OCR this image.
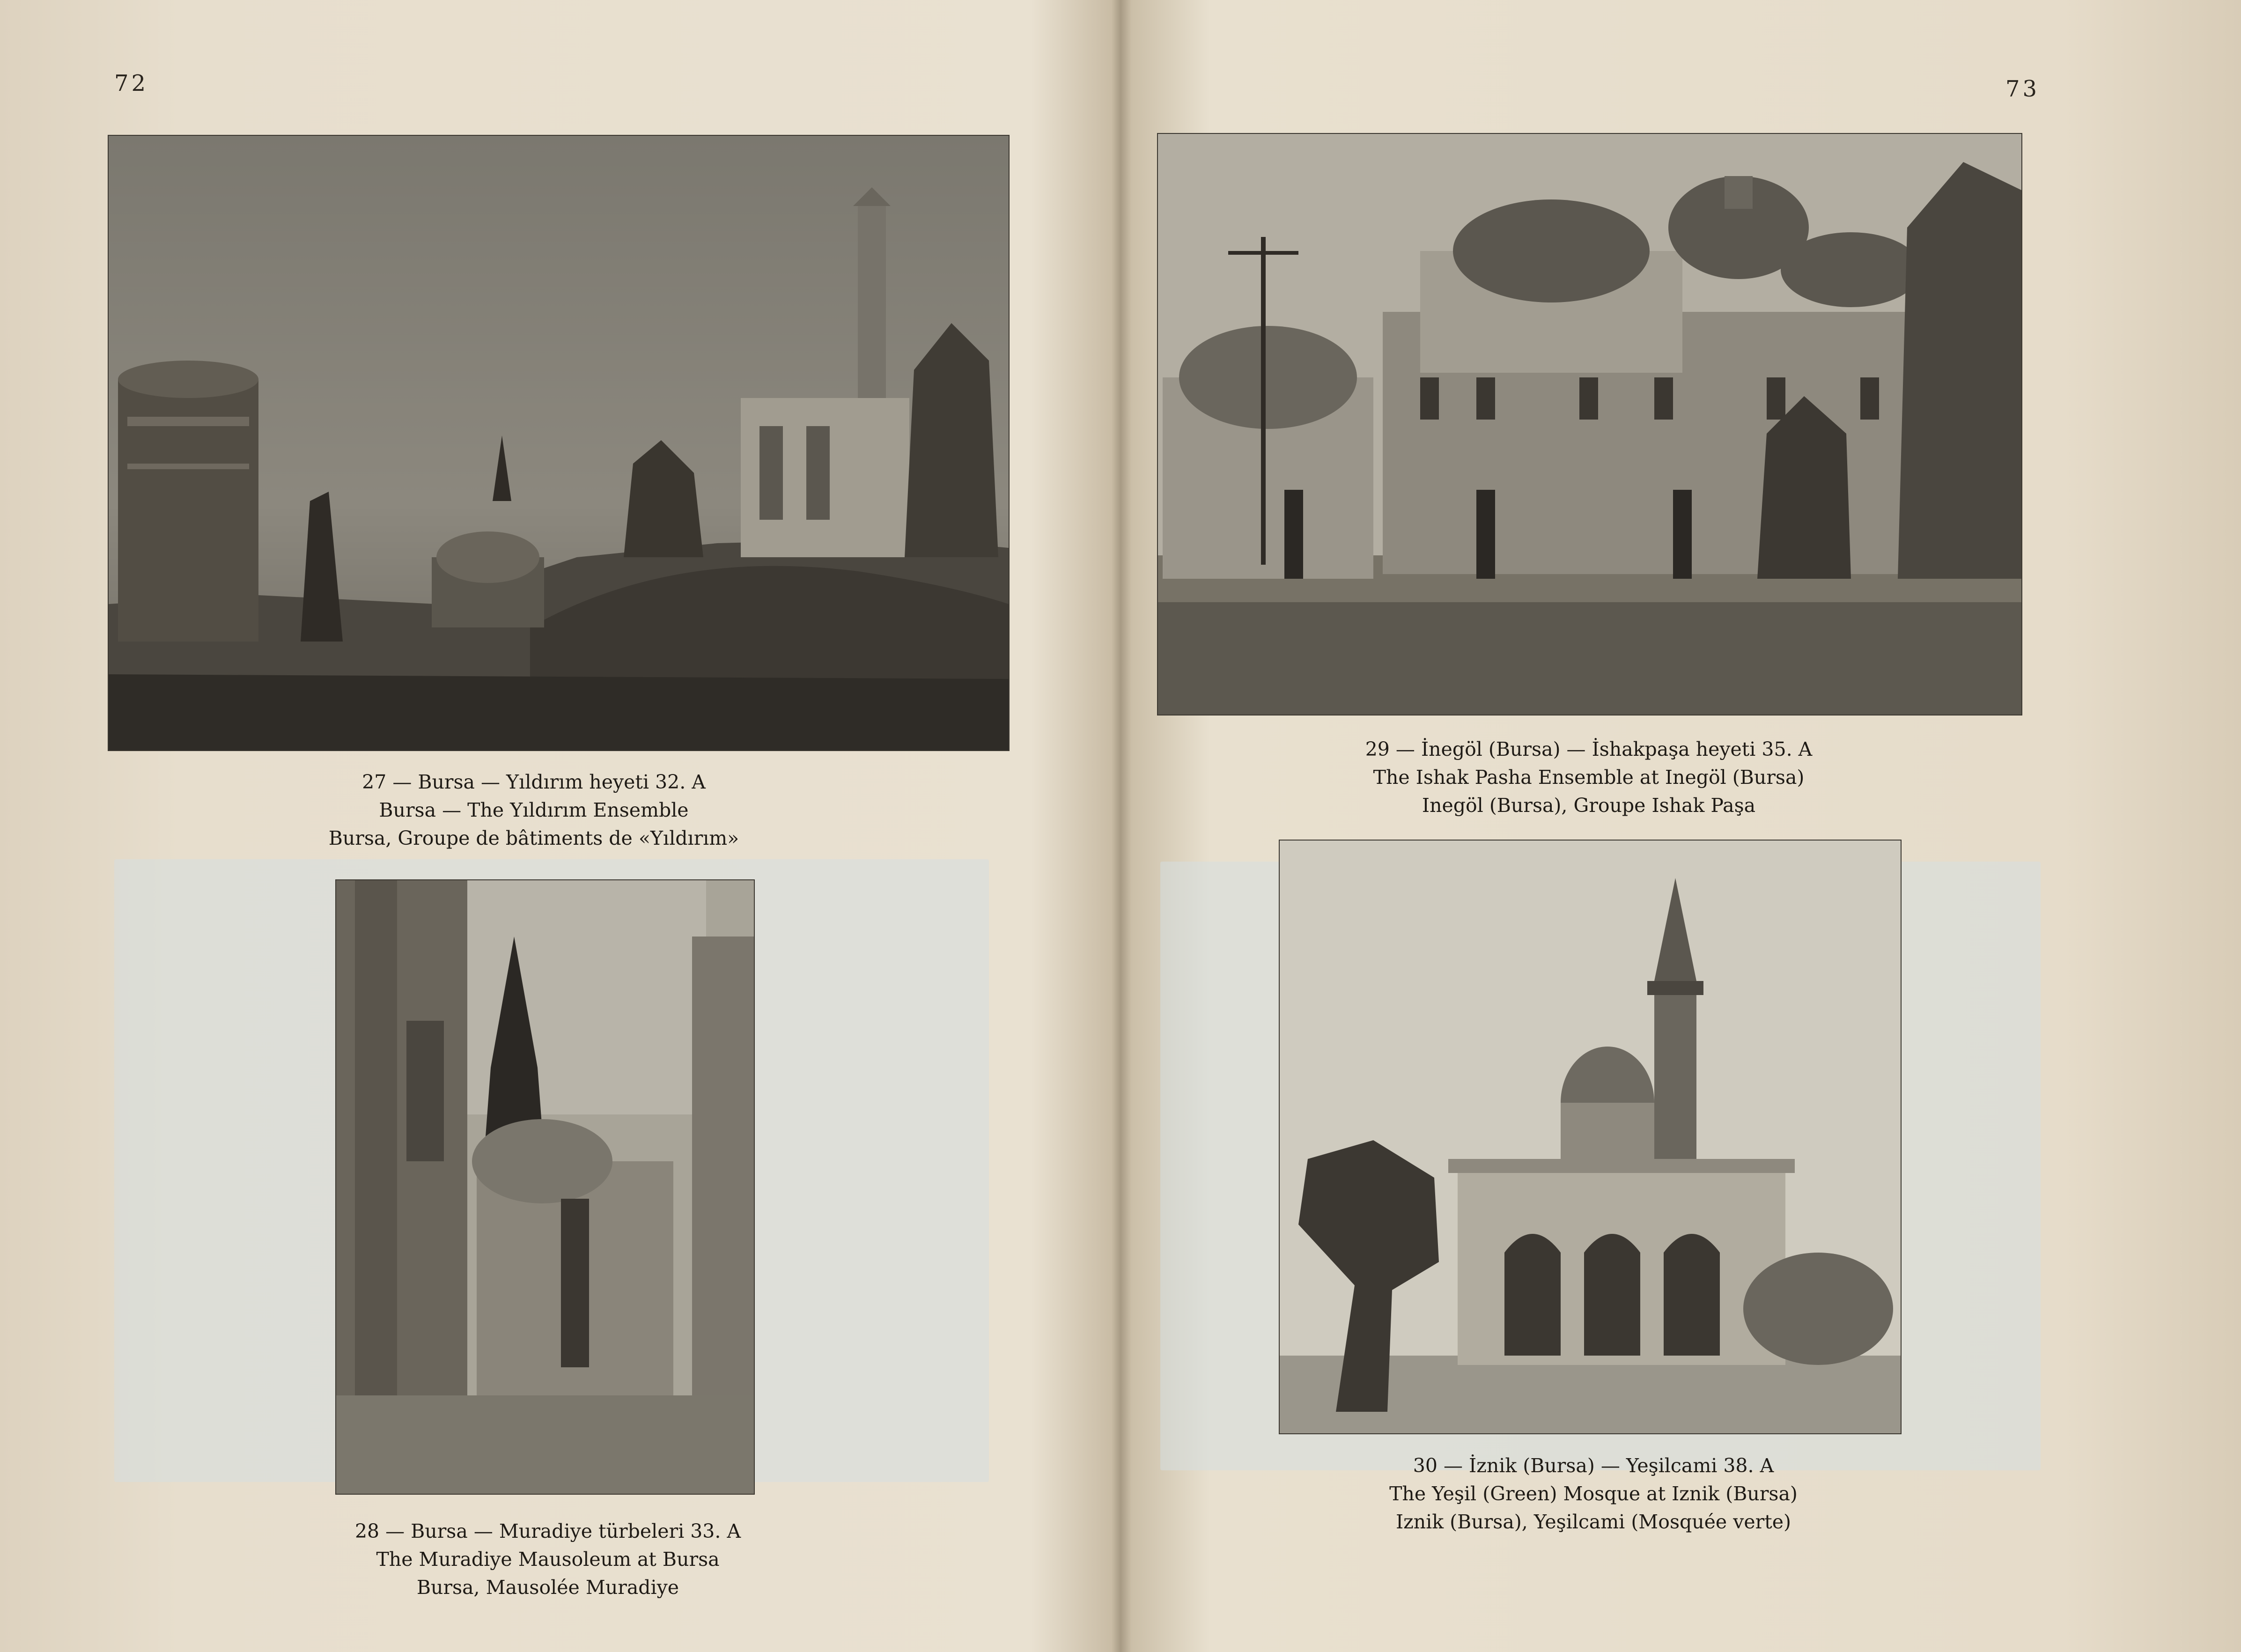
72
27 — Bursa — Yıldırım heyeti 32. A
Bursa — The Yıldırım Ensemble
Bursa, Groupe de bâtiments de «Yıldırım»
28 — Bursa — Muradiye türbeleri 33. A
The Muradiye Mausoleum at Bursa
Bursa, Mausolée Muradiye
73
29 — İnegöl (Bursa) — İshakpaşa heyeti 35. A
The Ishak Pasha Ensemble at Inegöl (Bursa)
Inegöl (Bursa), Groupe Ishak Paşa
30 — İznik (Bursa) — Yeşilcami 38. A
The Yeşil (Green) Mosque at Iznik (Bursa)
Iznik (Bursa), Yeşilcami (Mosquée verte)
